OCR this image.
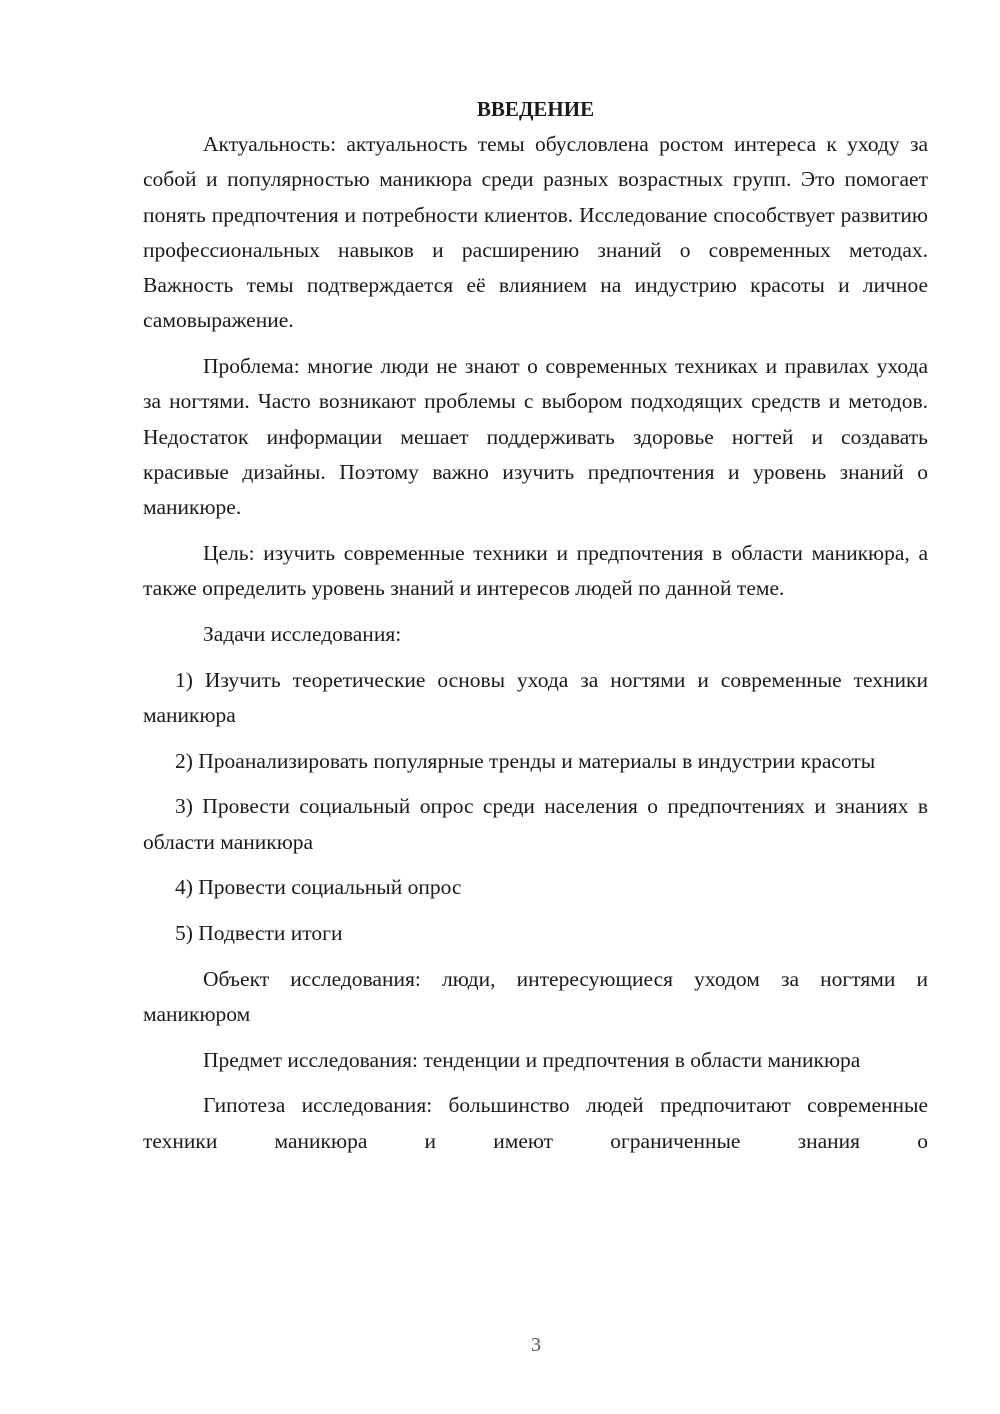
ВВЕДЕНИЕ

Актуальность: актуальность темы обусловлена ростом интереса к уходу за собой и популярностью маникюра среди разных возрастных групп. Это помогает понять предпочтения и потребности клиентов. Исследование способствует развитию профессиональных навыков и расширению знаний о современных методах. Важность темы подтверждается её влиянием на индустрию красоты и личное самовыражение.

Проблема: многие люди не знают о современных техниках и правилах ухода за ногтями. Часто возникают проблемы с выбором подходящих средств и методов. Недостаток информации мешает поддерживать здоровье ногтей и создавать красивые дизайны. Поэтому важно изучить предпочтения и уровень знаний о маникюре.

Цель: изучить современные техники и предпочтения в области маникюра, а также определить уровень знаний и интересов людей по данной теме.

Задачи исследования:

1) Изучить теоретические основы ухода за ногтями и современные техники маникюра

2) Проанализировать популярные тренды и материалы в индустрии красоты

3) Провести социальный опрос среди населения о предпочтениях и знаниях в области маникюра

4) Провести социальный опрос

5) Подвести итоги

Объект исследования: люди, интересующиеся уходом за ногтями и маникюром

Предмет исследования: тенденции и предпочтения в области маникюра

Гипотеза исследования: большинство людей предпочитают современные техники маникюра и имеют ограниченные знания о

3
